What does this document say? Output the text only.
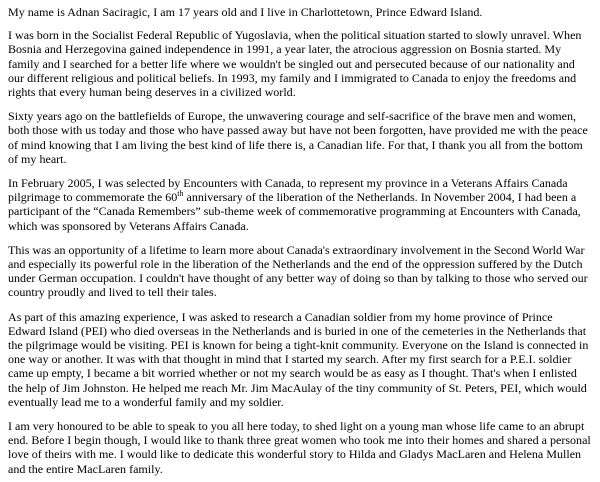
My name is Adnan Saciragic, I am 17 years old and I live in Charlottetown, Prince Edward Island.

I was born in the Socialist Federal Republic of Yugoslavia, when the political situation started to slowly unravel. When Bosnia and Herzegovina gained independence in 1991, a year later, the atrocious aggression on Bosnia started. My family and I searched for a better life where we wouldn't be singled out and persecuted because of our nationality and our different religious and political beliefs. In 1993, my family and I immigrated to Canada to enjoy the freedoms and rights that every human being deserves in a civilized world.

Sixty years ago on the battlefields of Europe, the unwavering courage and self-sacrifice of the brave men and women, both those with us today and those who have passed away but have not been forgotten, have provided me with the peace of mind knowing that I am living the best kind of life there is, a Canadian life. For that, I thank you all from the bottom of my heart.

In February 2005, I was selected by Encounters with Canada, to represent my province in a Veterans Affairs Canada pilgrimage to commemorate the 60th anniversary of the liberation of the Netherlands. In November 2004, I had been a participant of the “Canada Remembers” sub-theme week of commemorative programming at Encounters with Canada, which was sponsored by Veterans Affairs Canada.

This was an opportunity of a lifetime to learn more about Canada's extraordinary involvement in the Second World War and especially its powerful role in the liberation of the Netherlands and the end of the oppression suffered by the Dutch under German occupation. I couldn't have thought of any better way of doing so than by talking to those who served our country proudly and lived to tell their tales.

As part of this amazing experience, I was asked to research a Canadian soldier from my home province of Prince Edward Island (PEI) who died overseas in the Netherlands and is buried in one of the cemeteries in the Netherlands that the pilgrimage would be visiting. PEI is known for being a tight-knit community. Everyone on the Island is connected in one way or another. It was with that thought in mind that I started my search. After my first search for a P.E.I. soldier came up empty, I became a bit worried whether or not my search would be as easy as I thought. That's when I enlisted the help of Jim Johnston. He helped me reach Mr. Jim MacAulay of the tiny community of St. Peters, PEI, which would eventually lead me to a wonderful family and my soldier.

I am very honoured to be able to speak to you all here today, to shed light on a young man whose life came to an abrupt end. Before I begin though, I would like to thank three great women who took me into their homes and shared a personal love of theirs with me. I would like to dedicate this wonderful story to Hilda and Gladys MacLaren and Helena Mullen and the entire MacLaren family.
